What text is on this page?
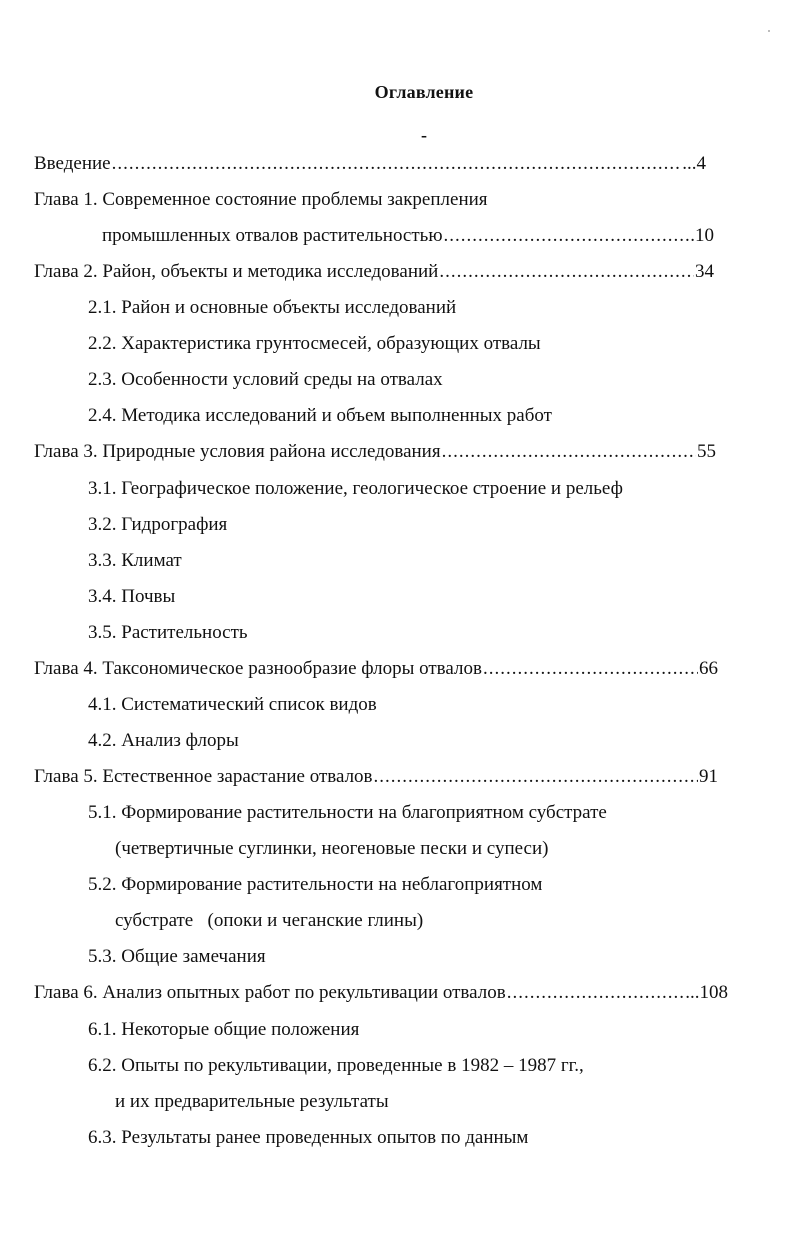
Оглавление
-
Введение .....	...4
Глава 1. Современное состояние проблемы закрепления
промышленных отвалов растительностью .....	.10
Глава 2. Район, объекты и методика исследований .....	34
2.1. Район и основные объекты исследований
2.2. Характеристика грунтосмесей, образующих отвалы
2.3. Особенности условий среды на отвалах
2.4. Методика исследований и объем выполненных работ
Глава 3. Природные условия района исследования .....	55
3.1. Географическое положение, геологическое строение и рельеф
3.2. Гидрография
3.3. Климат
3.4. Почвы
3.5. Растительность
Глава 4. Таксономическое разнообразие флоры отвалов .....	66
4.1. Систематический список видов
4.2. Анализ флоры
Глава 5. Естественное зарастание отвалов .....	91
5.1. Формирование растительности на благоприятном субстрате
(четвертичные суглинки, неогеновые пески и супеси)
5.2. Формирование растительности на неблагоприятном
субстрате   (опоки и чеганские глины)
5.3. Общие замечания
Глава 6. Анализ опытных работ по рекультивации отвалов .....	...108
6.1. Некоторые общие положения
6.2. Опыты по рекультивации, проведенные в 1982 – 1987 гг.,
и их предварительные результаты
6.3. Результаты ранее проведенных опытов по данным
